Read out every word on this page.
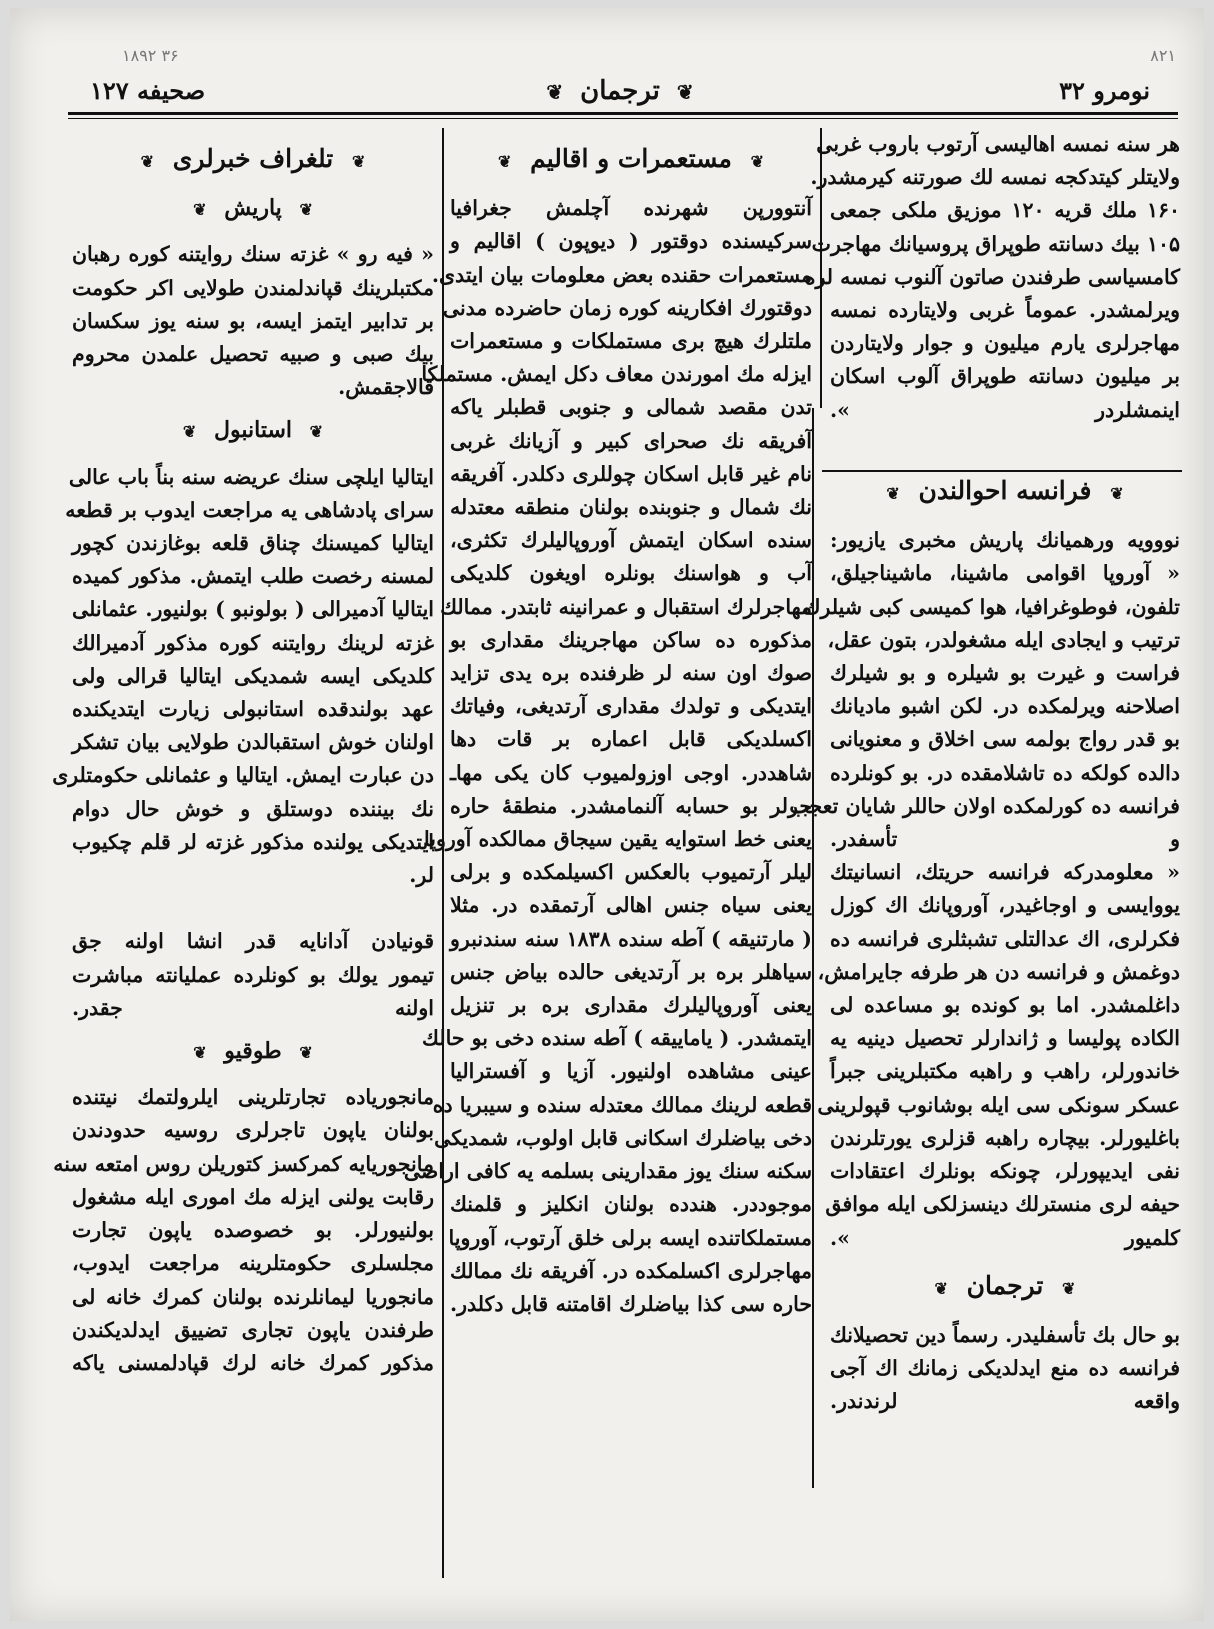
۱۸۹۲ ۳۶	۸۲۱
نومرو ۳۲
❦ ترجمان ❦
صحيفه ۱۲۷
هر سنه نمسه اهاليسى آرتوب باروب غربى
ولايتلر كيتدكجه نمسه لك صورتنه كيرمشدر.
۱۶۰ ملك قريه ۱۲۰ موزيق ملكى جمعى
۱۰۵ بيك دسانته طوپراق پروسيانك مهاجرت
كامسياسى طرفندن صاتون آلنوب نمسه لره
ويرلمشدر. عموماً غربى ولايتارده نمسه
مهاجرلرى يارم ميليون و جوار ولايتاردن
بر ميليون دسانته طوپراق آلوب اسكان
اينمشلردر ».

❦ فرانسه احوالندن ❦
نووويه ورهميانك پاريش مخبرى يازيور:
« آوروپا اقوامى ماشينا، ماشيناجيلق،
تلفون، فوطوغرافيا، هوا كميسى كبى شيلرك
ترتيب و ايجادى ايله مشغولدر، بتون عقل،
فراست و غيرت بو شيلره و بو شيلرك
اصلاحنه ويرلمكده در. لكن اشبو ماديانك
بو قدر رواج بولمه سى اخلاق و معنويانى
دالده كولكه ده تاشلامقده در. بو كونلرده
فرانسه ده كورلمكده اولان حاللر شايان تعجب
و تأسفدر.
« معلومدركه فرانسه حريتك، انسانيتك
يووايسى و اوجاغيدر، آوروپانك اك كوزل
فكرلرى، اك عدالتلى تشبثلرى فرانسه ده
دوغمش و فرانسه دن هر طرفه جايرامش،
داغلمشدر. اما بو كونده بو مساعده لى
الكاده پوليسا و ژاندارلر تحصيل دينيه يه
خاندورلر، راهب و راهبه مكتبلرينى جبراً
عسكر سونكى سى ايله بوشانوب قپولرينى
باغليورلر. بيچاره راهبه قزلرى يورتلرندن
نفى ايديپورلر، چونكه بونلرك اعتقادات
حيفه لرى منسترلك دينسزلكى ايله موافق
كلميور ».
❦ ترجمان ❦
بو حال بك تأسفليدر. رسماً دين تحصيلانك
فرانسه ده منع ايدلديكى زمانك اك آجى
واقعه لرندندر.
❦ مستعمرات و اقاليم ❦
آنتوورپن شهرنده آچلمش جغرافيا
سركيسنده دوقتور ( ديوپون ) اقاليم و
مستعمرات حقنده بعض معلومات بيان ايتدى.
دوقتورك افكارينه كوره زمان حاضرده مدنى
ملتلرك هيچ برى مستملكات و مستعمرات
ايزله مك امورندن معاف دكل ايمش. مستملكا
تدن مقصد شمالى و جنوبى قطبلر ياكه
آفريقه نك صحراى كبير و آزيانك غربى
نام غير قابل اسكان چوللرى دكلدر. آفريقه
نك شمال و جنوبنده بولنان منطقه معتدله
سنده اسكان ايتمش آوروپاليلرك تكثرى،
آب و هواسنك بونلره اويغون كلديكى
مهاجرلرك استقبال و عمرانينه ثابتدر. ممالك
مذكوره ده ساكن مهاجرينك مقدارى بو
صوك اون سنه لر ظرفنده بره يدى تزايد
ايتديكى و تولدك مقدارى آرتديغى، وفياتك
اكسلديكى قابل اعماره بر قات دها
شاهددر. اوجى اوزولميوب كان يكى مهاـ
جرلر بو حسابه آلنمامشدر. منطقهٔ حاره
يعنى خط استوايه يقين سيجاق ممالكده آوروپا
ليلر آرتميوب بالعكس اكسيلمكده و برلى
يعنى سياه جنس اهالى آرتمقده در. مثلا
( مارتنيقه ) آطه سنده ۱۸۳۸ سنه سندنبرو
سياهلر بره بر آرتديغى حالده بياض جنس
يعنى آوروپاليلرك مقدارى بره بر تنزيل
ايتمشدر. ( ياماييقه ) آطه سنده دخى بو حالك
عينى مشاهده اولنيور. آزيا و آفستراليا
قطعه لرينك ممالك معتدله سنده و سيبريا ده
دخى بياضلرك اسكانى قابل اولوب، شمديكى
سكنه سنك يوز مقدارينى بسلمه يه كافى اراضى
موجوددر. هندده بولنان انكليز و قلمنك
مستملكاتنده ايسه برلى خلق آرتوب، آوروپا
مهاجرلرى اكسلمكده در. آفريقه نك ممالك
حاره سى كذا بياضلرك اقامتنه قابل دكلدر.
❦ تلغراف خبرلرى ❦
❦ پاريش ❦
« فيه رو » غزته سنك روايتنه كوره رهبان
مكتبلرينك قپاندلمندن طولايى اكر حكومت
بر تدابير ايتمز ايسه، بو سنه يوز سكسان
بيك صبى و صبيه تحصيل علمدن محروم
قالاجقمش.
❦ استانبول ❦
ايتاليا ايلچى سنك عريضه سنه بناً باب عالى
سراى پادشاهى يه مراجعت ايدوب بر قطعه
ايتاليا كميسنك چناق قلعه بوغازندن كچور
لمسنه رخصت طلب ايتمش. مذكور كميده
ايتاليا آدميرالى ( بولونبو ) بولنيور. عثمانلى
غزته لرينك روايتنه كوره مذكور آدميرالك
كلديكى ايسه شمديكى ايتاليا قرالى ولى
عهد بولندقده استانبولى زيارت ايتديكنده
اولنان خوش استقبالدن طولايى بيان تشكر
دن عبارت ايمش. ايتاليا و عثمانلى حكومتلرى
نك بيننده دوستلق و خوش حال دوام
ايتديكى يولنده مذكور غزته لر قلم چكيوب
لر.

قونيادن آدانايه قدر انشا اولنه جق
تيمور يولك بو كونلرده عمليانته مباشرت
اولنه جقدر.
❦ طوقيو ❦
مانجورياده تجارتلرينى ايلرولتمك نيتنده
بولنان ياپون تاجرلرى روسيه حدودندن
مانجوريايه كمركسز كتوريلن روس امتعه سنه
رقابت يولنى ايزله مك امورى ايله مشغول
بولنيورلر. بو خصوصده ياپون تجارت
مجلسلرى حكومتلرينه مراجعت ايدوب،
مانجوريا ليمانلرنده بولنان كمرك خانه لى
طرفندن ياپون تجارى تضييق ايدلديكندن
مذكور كمرك خانه لرك قپادلمسنى ياكه
